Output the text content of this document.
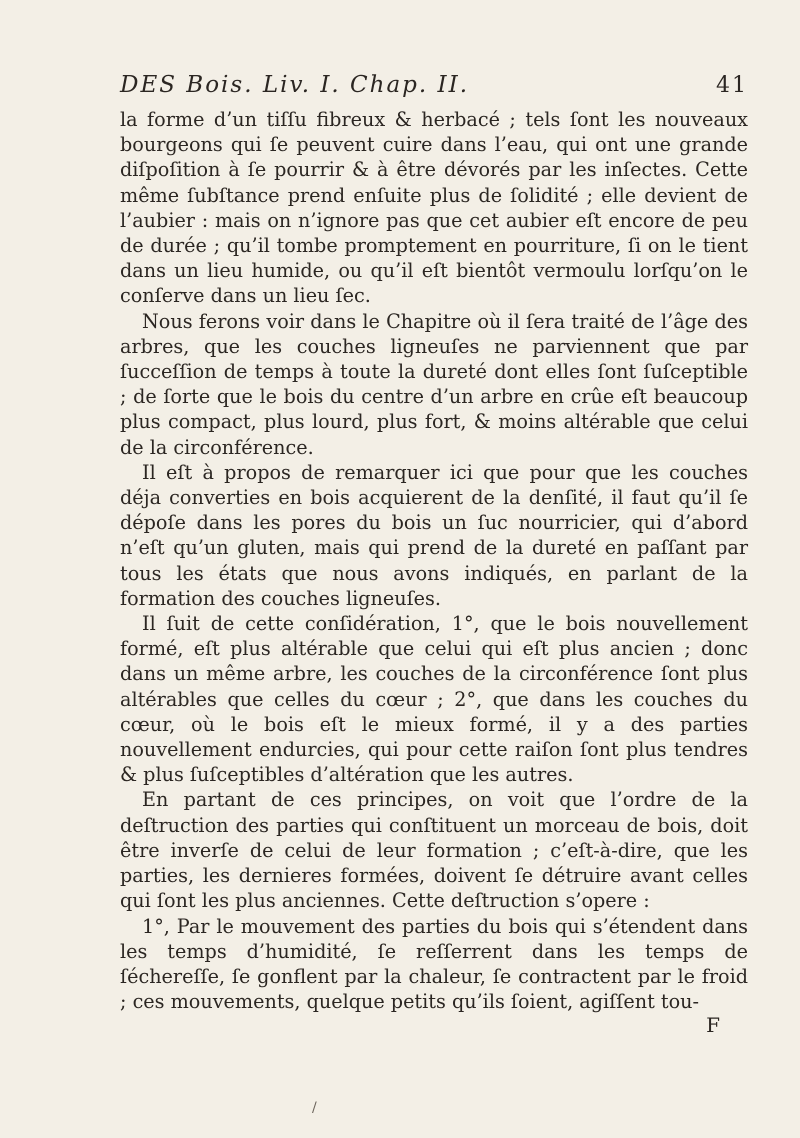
DES Bois. Liv. I. Chap. II.	41

la forme d’un tiſſu fibreux & herbacé ; tels ſont les nouveaux bourgeons qui ſe peuvent cuire dans l’eau, qui ont une grande diſpoſition à ſe pourrir & à être dévorés par les inſectes. Cette même ſubſtance prend enſuite plus de ſolidité ; elle devient de l’aubier : mais on n’ignore pas que cet aubier eſt encore de peu de durée ; qu’il tombe promptement en pourriture, ſi on le tient dans un lieu humide, ou qu’il eſt bientôt vermoulu lorſqu’on le conſerve dans un lieu ſec.

Nous ferons voir dans le Chapitre où il ſera traité de l’âge des arbres, que les couches ligneuſes ne parviennent que par ſucceſſion de temps à toute la dureté dont elles ſont ſuſceptible ; de ſorte que le bois du centre d’un arbre en crûe eſt beaucoup plus compact, plus lourd, plus fort, & moins altérable que celui de la circonférence.

Il eſt à propos de remarquer ici que pour que les couches déja converties en bois acquierent de la denſité, il faut qu’il ſe dépoſe dans les pores du bois un ſuc nourricier, qui d’abord n’eſt qu’un gluten, mais qui prend de la dureté en paſſant par tous les états que nous avons indiqués, en parlant de la formation des couches ligneuſes.

Il ſuit de cette conſidération, 1°, que le bois nouvellement formé, eſt plus altérable que celui qui eſt plus ancien ; donc dans un même arbre, les couches de la circonférence ſont plus altérables que celles du cœur ; 2°, que dans les couches du cœur, où le bois eſt le mieux formé, il y a des parties nouvellement endurcies, qui pour cette raiſon ſont plus tendres & plus ſuſceptibles d’altération que les autres.

En partant de ces principes, on voit que l’ordre de la deſtruction des parties qui conſtituent un morceau de bois, doit être inverſe de celui de leur formation ; c’eſt-à-dire, que les parties, les dernieres formées, doivent ſe détruire avant celles qui ſont les plus anciennes. Cette deſtruction s’opere :

1°, Par le mouvement des parties du bois qui s’étendent dans les temps d’humidité, ſe reſſerrent dans les temps de ſéchereſſe, ſe gonflent par la chaleur, ſe contractent par le froid ; ces mouvements, quelque petits qu’ils ſoient, agiſſent tou-

F
/
